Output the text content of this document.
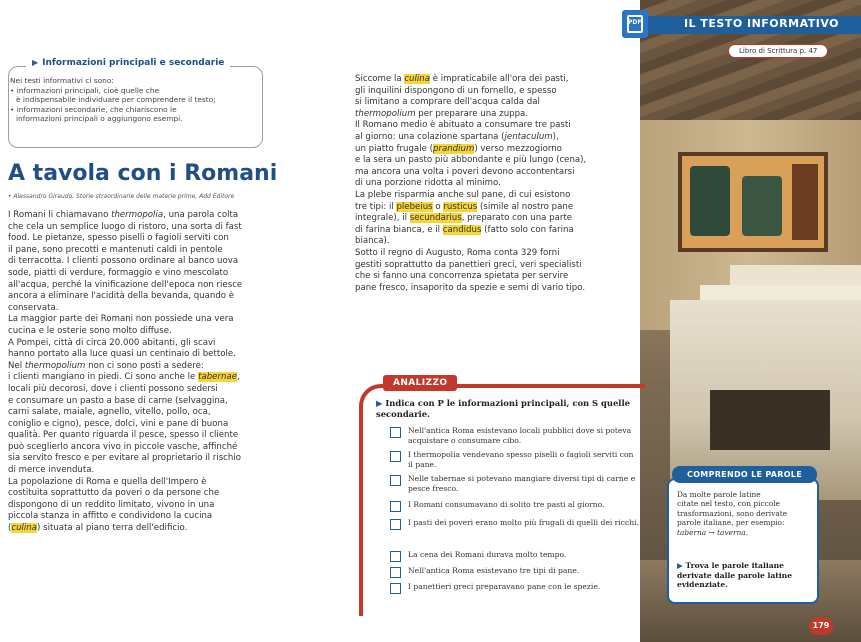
IL TESTO INFORMATIVO
PDF
Libro di Scrittura p. 47
▶ Informazioni principali e secondarie
Nei testi informativi ci sono:
• informazioni principali, cioè quelle che
è indispensabile individuare per comprendere il testo;
• informazioni secondarie, che chiariscono le
informazioni principali o aggiungono esempi.
A tavola con i Romani
• Alessandro Giraudo, Storie straordinarie delle materie prime, Add Editore

I Romani li chiamavano thermopolia, una parola colta

che cela un semplice luogo di ristoro, una sorta di fast

food. Le pietanze, spesso piselli o fagioli serviti con

il pane, sono precotti e mantenuti caldi in pentole

di terracotta. I clienti possono ordinare al banco uova

sode, piatti di verdure, formaggio e vino mescolato

all'acqua, perché la vinificazione dell'epoca non riesce

ancora a eliminare l'acidità della bevanda, quando è

conservata.

La maggior parte dei Romani non possiede una vera

cucina e le osterie sono molto diffuse.

A Pompei, città di circa 20.000 abitanti, gli scavi

hanno portato alla luce quasi un centinaio di bettole.

Nel thermopolium non ci sono posti a sedere:

i clienti mangiano in piedi. Ci sono anche le tabernae,

locali più decorosi, dove i clienti possono sedersi

e consumare un pasto a base di carne (selvaggina,

carni salate, maiale, agnello, vitello, pollo, oca,

coniglio e cigno), pesce, dolci, vini e pane di buona

qualità. Per quanto riguarda il pesce, spesso il cliente

può sceglierlo ancora vivo in piccole vasche, affinché

sia servito fresco e per evitare al proprietario il rischio

di merce invenduta.

La popolazione di Roma e quella dell'Impero è

costituita soprattutto da poveri o da persone che

dispongono di un reddito limitato, vivono in una

piccola stanza in affitto e condividono la cucina

(culina) situata al piano terra dell'edificio.

Siccome la culina è impraticabile all'ora dei pasti,

gli inquilini dispongono di un fornello, e spesso

si limitano a comprare dell'acqua calda dal

thermopolium per preparare una zuppa.

Il Romano medio è abituato a consumare tre pasti

al giorno: una colazione spartana (jentaculum),

un piatto frugale (prandium) verso mezzogiorno

e la sera un pasto più abbondante e più lungo (cena),

ma ancora una volta i poveri devono accontentarsi

di una porzione ridotta al minimo.

La plebe risparmia anche sul pane, di cui esistono

tre tipi: il plebeius o rusticus (simile al nostro pane

integrale), il secundarius, preparato con una parte

di farina bianca, e il candidus (fatto solo con farina

bianca).

Sotto il regno di Augusto, Roma conta 329 forni

gestiti soprattutto da panettieri greci, veri specialisti

che si fanno una concorrenza spietata per servire

pane fresco, insaporito da spezie e semi di vario tipo.

ANALIZZO
▶ Indica con P le informazioni principali, con S quelle secondarie.
Nell'antica Roma esistevano locali pubblici dove si poteva acquistare o consumare cibo.
I thermopolia vendevano spesso piselli o fagioli serviti con il pane.
Nelle tabernae si potevano mangiare diversi tipi di carne e pesce fresco.
I Romani consumavano di solito tre pasti al giorno.
I pasti dei poveri erano molto più frugali di quelli dei ricchi.
La cena dei Romani durava molto tempo.
Nell'antica Roma esistevano tre tipi di pane.
I panettieri greci preparavano pane con le spezie.
COMPRENDO LE PAROLE
Da molte parole latine
citate nel testo, con piccole
trasformazioni, sono derivate
parole italiane, per esempio:
taberna → taverna.
▶ Trova le parole italiane derivate dalle parole latine evidenziate.
179
